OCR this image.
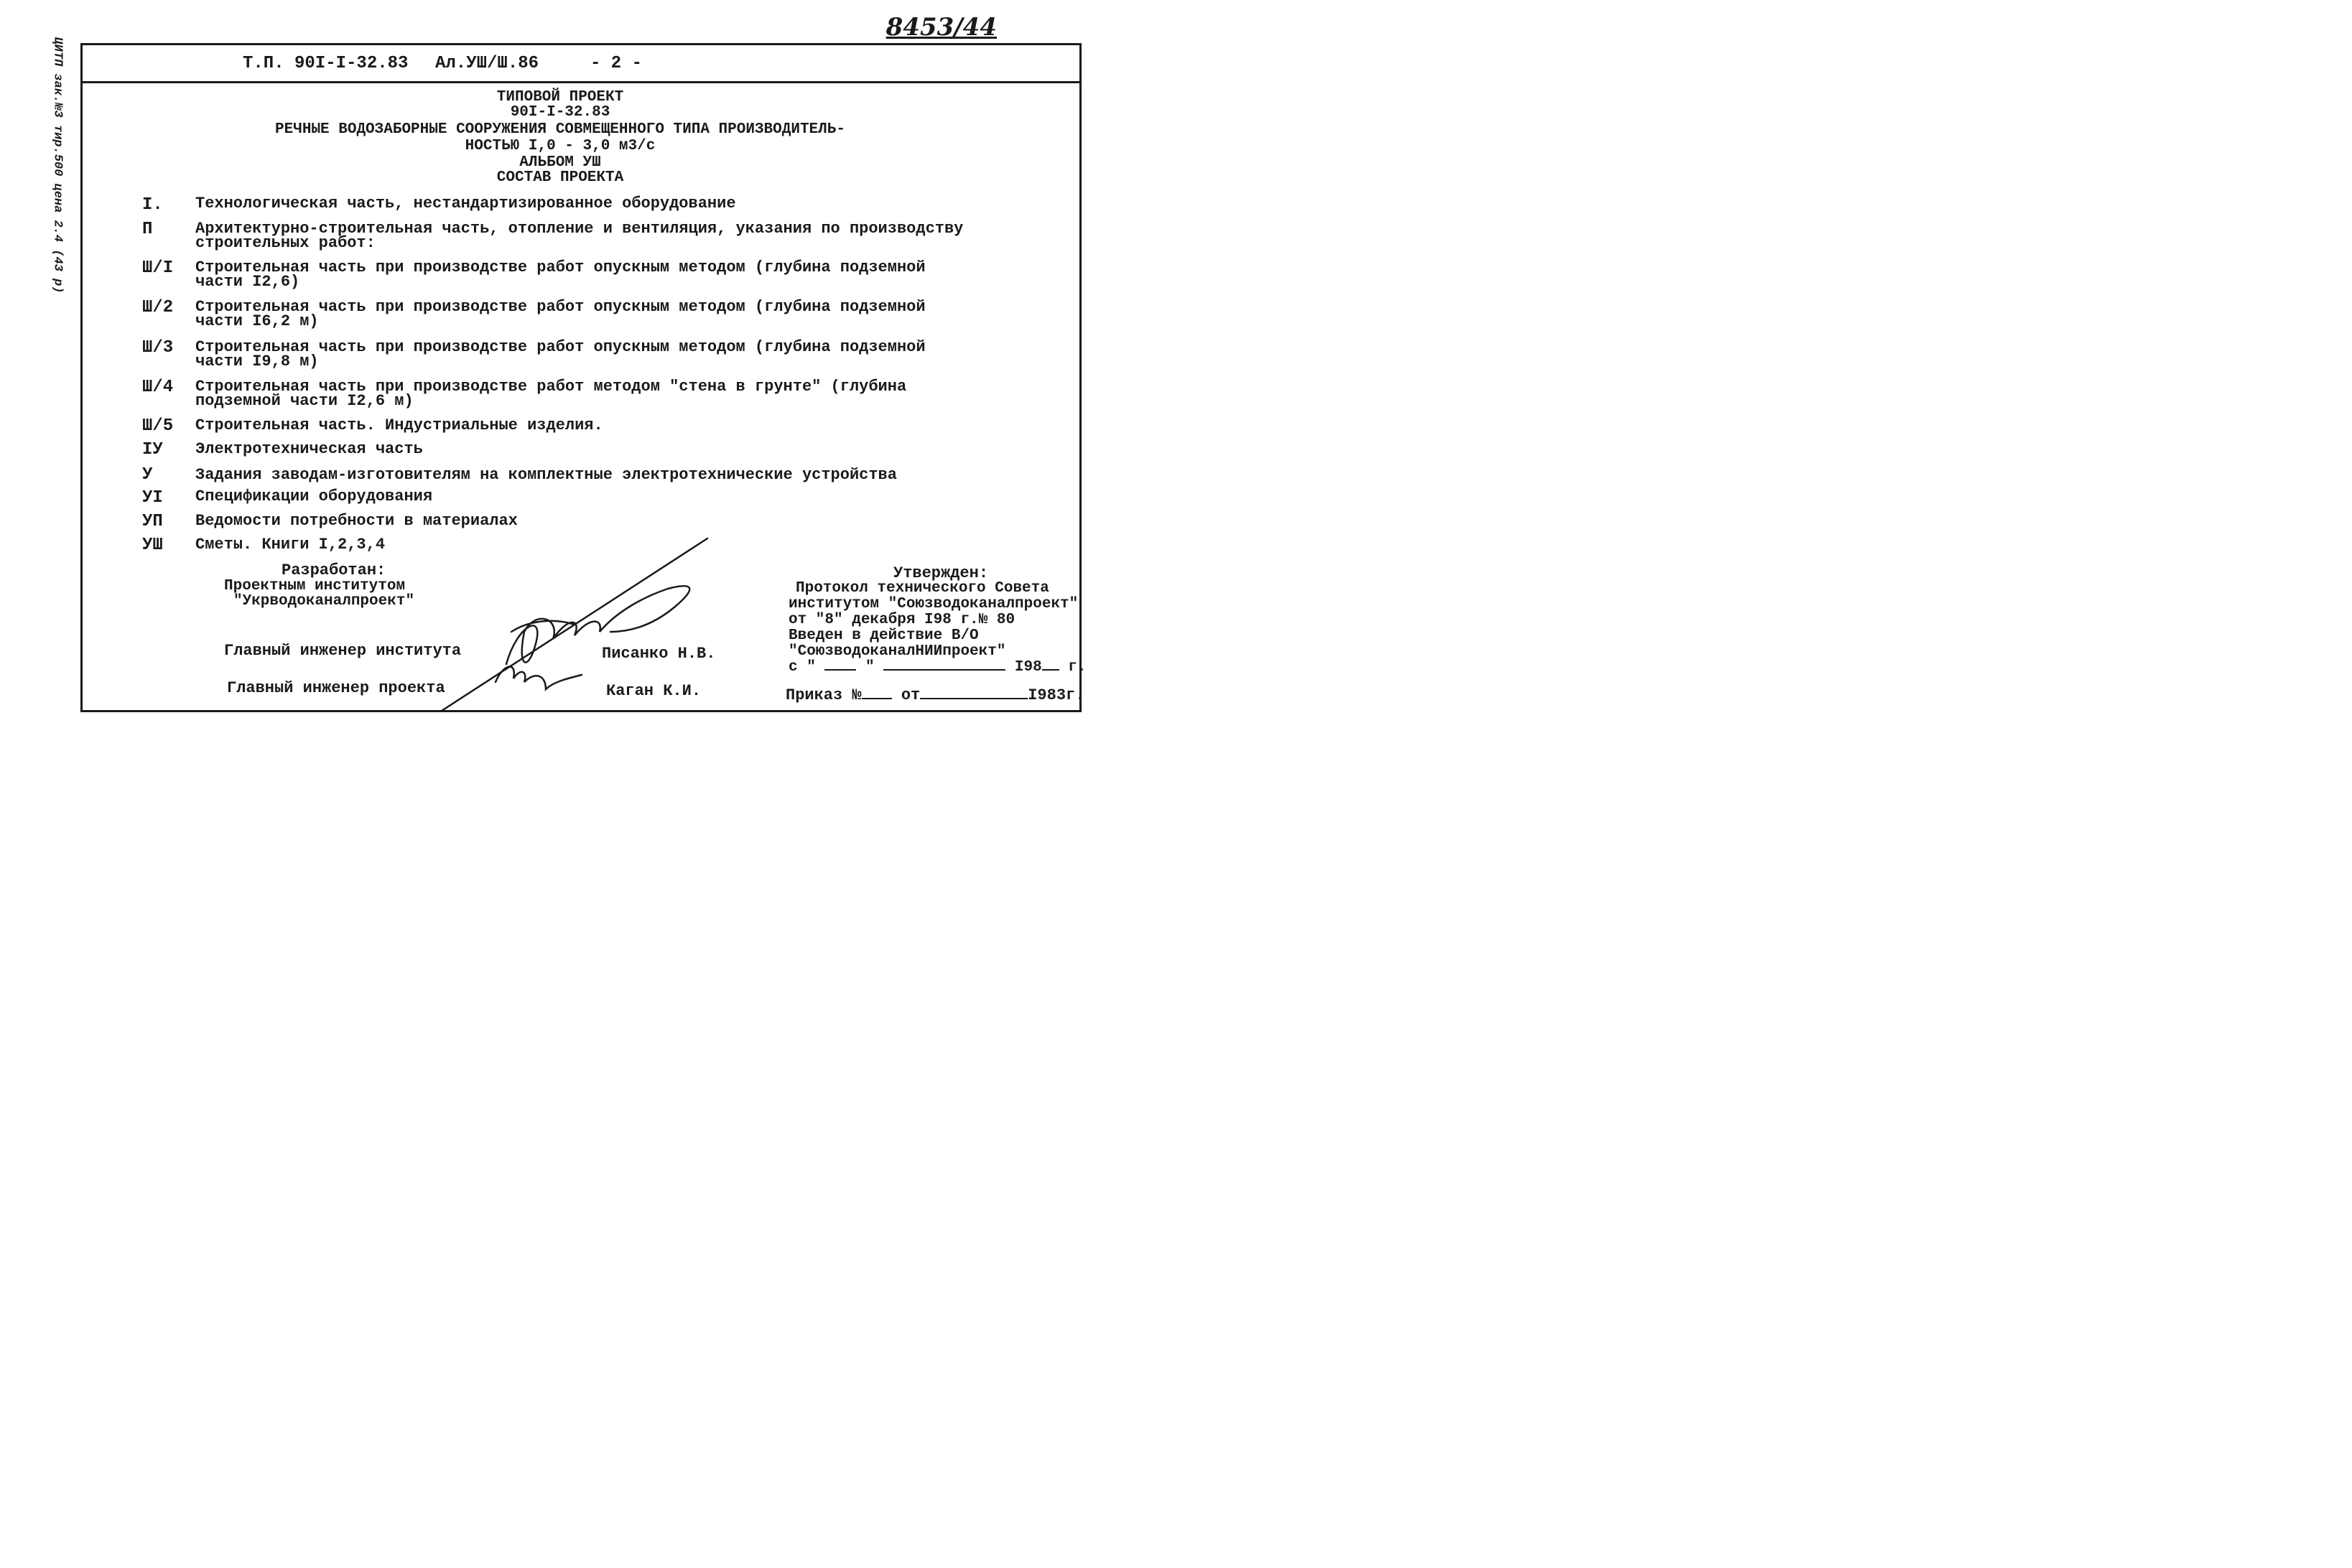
8453/44
ЦИТП зак.№3 тир.500 цена 2.4 (43 р)	Т.П. 90I-I-32.83 Ал.УШ/Ш.86	- 2 -
ТИПОВОЙ ПРОЕКТ
90I-I-32.83
РЕЧНЫЕ ВОДОЗАБОРНЫЕ СООРУЖЕНИЯ СОВМЕЩЕННОГО ТИПА ПРОИЗВОДИТЕЛЬ-
НОСТЬЮ I,0 - 3,0 м3/с
АЛЬБОМ УШ
СОСТАВ ПРОЕКТА
I. Технологическая часть, нестандартизированное оборудование
П	Архитектурно-строительная часть, отопление и вентиляция, указания по производству
строительных работ:
Ш/I Строительная часть при производстве работ опускным методом (глубина подземной
части I2,6)
Ш/2 Строительная часть при производстве работ опускным методом (глубина подземной
части I6,2 м)
Ш/3 Строительная часть при производстве работ опускным методом (глубина подземной
части I9,8 м)
Ш/4 Строительная часть при производстве работ методом "стена в грунте" (глубина
подземной части I2,6 м)
Ш/5 Строительная часть. Индустриальные изделия.
IУ Электротехническая часть
У	Задания заводам-изготовителям на комплектные электротехнические устройства
УI Спецификации оборудования
УП Ведомости потребности в материалах
УШ Сметы. Книги I,2,3,4
Разработан:
Проектным институтом
"Укрводоканалпроект"
Главный инженер института	Писанко Н.В.
Главный инженер проекта	Каган К.И.
Утвержден:
Протокол технического Совета
институтом "Союзводоканалпроект"
от "8" декабря I98 г.№ 80
Введен в действие В/О
"СоюзводоканалНИИпроект"
с "	"	I98 г.
Приказ №	от	I983г.
